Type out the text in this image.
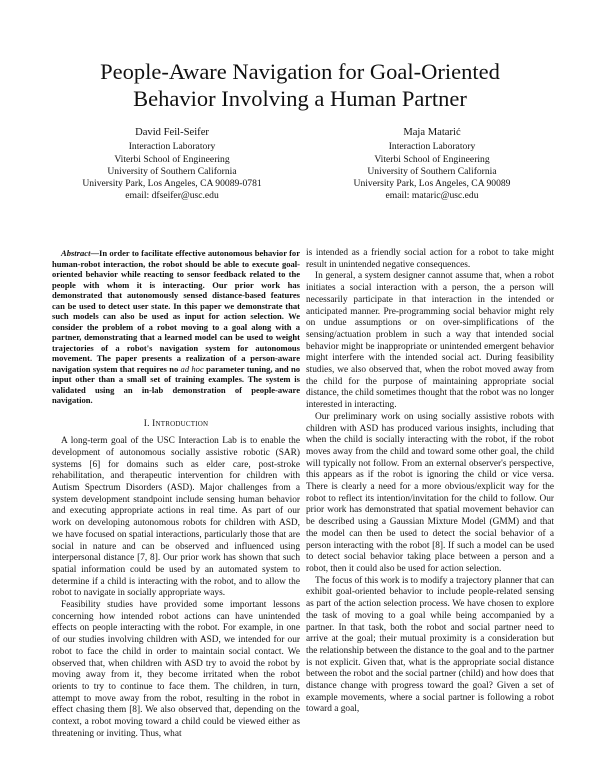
People-Aware Navigation for Goal-Oriented
Behavior Involving a Human Partner
David Feil-Seifer
Interaction Laboratory
Viterbi School of Engineering
University of Southern California
University Park, Los Angeles, CA 90089-0781
email: dfseifer@usc.edu
Maja Matarić
Interaction Laboratory
Viterbi School of Engineering
University of Southern California
University Park, Los Angeles, CA 90089
email: mataric@usc.edu

Abstract—In order to facilitate effective autonomous behavior for human-robot interaction, the robot should be able to execute goal-oriented behavior while reacting to sensor feedback related to the people with whom it is interacting. Our prior work has demonstrated that autonomously sensed distance-based features can be used to detect user state. In this paper we demonstrate that such models can also be used as input for action selection. We consider the problem of a robot moving to a goal along with a partner, demonstrating that a learned model can be used to weight trajectories of a robot's navigation system for autonomous movement. The paper presents a realization of a person-aware navigation system that requires no ad hoc parameter tuning, and no input other than a small set of training examples. The system is validated using an in-lab demonstration of people-aware navigation.

I. Introduction

A long-term goal of the USC Interaction Lab is to enable the development of autonomous socially assistive robotic (SAR) systems [6] for domains such as elder care, post-stroke rehabilitation, and therapeutic intervention for children with Autism Spectrum Disorders (ASD). Major challenges from a system development standpoint include sensing human behavior and executing appropriate actions in real time. As part of our work on developing autonomous robots for children with ASD, we have focused on spatial interactions, particularly those that are social in nature and can be observed and influenced using interpersonal distance [7, 8]. Our prior work has shown that such spatial information could be used by an automated system to determine if a child is interacting with the robot, and to allow the robot to navigate in socially appropriate ways.

Feasibility studies have provided some important lessons concerning how intended robot actions can have unintended effects on people interacting with the robot. For example, in one of our studies involving children with ASD, we intended for our robot to face the child in order to maintain social contact. We observed that, when children with ASD try to avoid the robot by moving away from it, they become irritated when the robot orients to try to continue to face them. The children, in turn, attempt to move away from the robot, resulting in the robot in effect chasing them [8]. We also observed that, depending on the context, a robot moving toward a child could be viewed either as threatening or inviting. Thus, what

is intended as a friendly social action for a robot to take might result in unintended negative consequences.

In general, a system designer cannot assume that, when a robot initiates a social interaction with a person, the a person will necessarily participate in that interaction in the intended or anticipated manner. Pre-programming social behavior might rely on undue assumptions or on over-simplifications of the sensing/actuation problem in such a way that intended social behavior might be inappropriate or unintended emergent behavior might interfere with the intended social act. During feasibility studies, we also observed that, when the robot moved away from the child for the purpose of maintaining appropriate social distance, the child sometimes thought that the robot was no longer interested in interacting.

Our preliminary work on using socially assistive robots with children with ASD has produced various insights, including that when the child is socially interacting with the robot, if the robot moves away from the child and toward some other goal, the child will typically not follow. From an external observer's perspective, this appears as if the robot is ignoring the child or vice versa. There is clearly a need for a more obvious/explicit way for the robot to reflect its intention/invitation for the child to follow. Our prior work has demonstrated that spatial movement behavior can be described using a Gaussian Mixture Model (GMM) and that the model can then be used to detect the social behavior of a person interacting with the robot [8]. If such a model can be used to detect social behavior taking place between a person and a robot, then it could also be used for action selection.

The focus of this work is to modify a trajectory planner that can exhibit goal-oriented behavior to include people-related sensing as part of the action selection process. We have chosen to explore the task of moving to a goal while being accompanied by a partner. In that task, both the robot and social partner need to arrive at the goal; their mutual proximity is a consideration but the relationship between the distance to the goal and to the partner is not explicit. Given that, what is the appropriate social distance between the robot and the social partner (child) and how does that distance change with progress toward the goal? Given a set of example movements, where a social partner is following a robot toward a goal,
